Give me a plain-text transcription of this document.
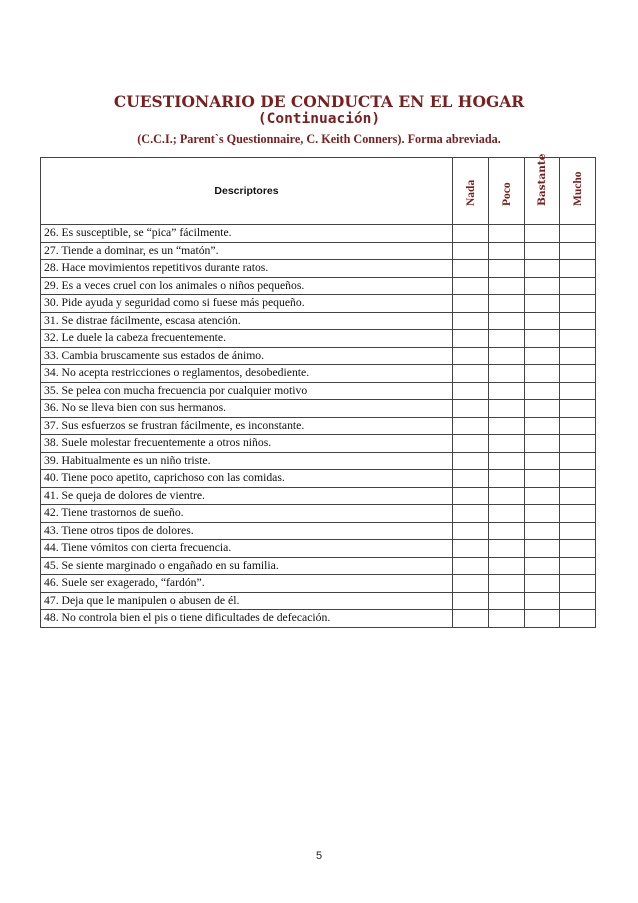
CUESTIONARIO DE CONDUCTA EN EL HOGAR
(Continuación)
(C.C.I.; Parent`s Questionnaire, C. Keith Conners). Forma abreviada.
Descriptores	Nada	Poco	Bastante	Mucho

26. Es susceptible, se “pica” fácilmente.				
27. Tiende a dominar, es un “matón”.				
28. Hace movimientos repetitivos durante ratos.				
29. Es a veces cruel con los animales o niños pequeños.				
30. Pide ayuda y seguridad como si fuese más pequeño.				
31. Se distrae fácilmente, escasa atención.				
32. Le duele la cabeza frecuentemente.				
33. Cambia bruscamente sus estados de ánimo.				
34. No acepta restricciones o reglamentos, desobediente.				
35. Se pelea con mucha frecuencia por cualquier motivo				
36. No se lleva bien con sus hermanos.				
37. Sus esfuerzos se frustran fácilmente, es inconstante.				
38. Suele molestar frecuentemente a otros niños.				
39. Habitualmente es un niño triste.				
40. Tiene poco apetito, caprichoso con las comidas.				
41. Se queja de dolores de vientre.				
42. Tiene trastornos de sueño.				
43. Tiene otros tipos de dolores.				
44. Tiene vómitos con cierta frecuencia.				
45. Se siente marginado o engañado en su familia.				
46. Suele ser exagerado, “fardón”.				
47. Deja que le manipulen o abusen de él.				
48. No controla bien el pis o tiene dificultades de defecación.				
5
